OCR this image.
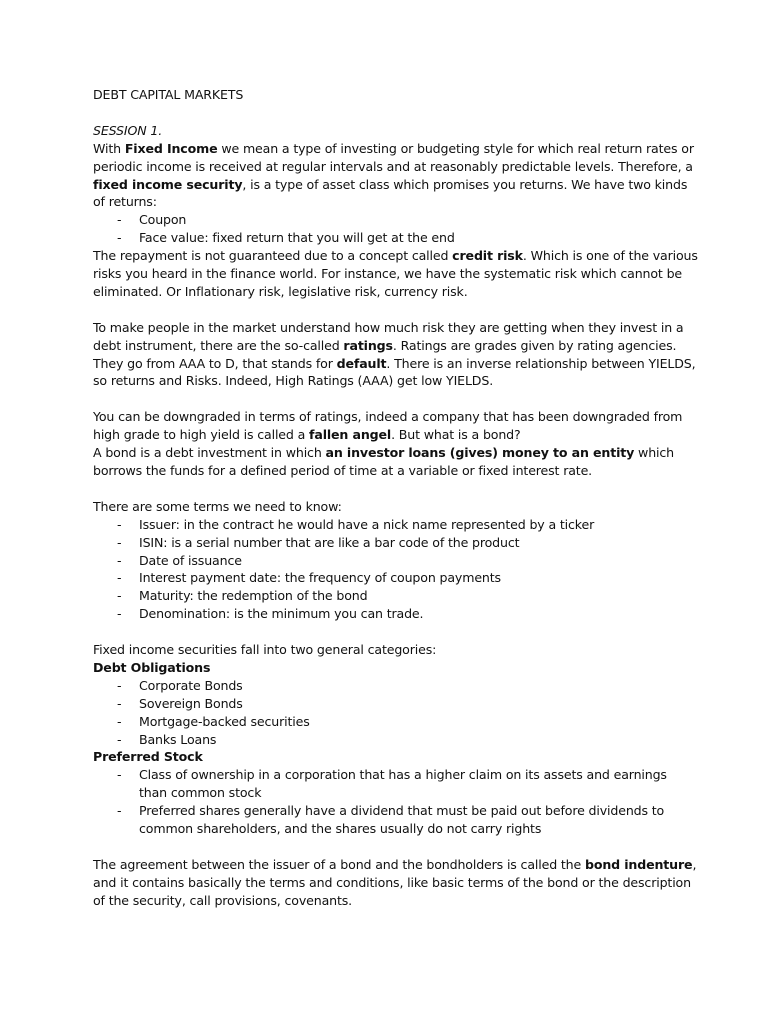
DEBT CAPITAL MARKETS

SESSION 1.

With Fixed Income we mean a type of investing or budgeting style for which real return rates or periodic income is received at regular intervals and at reasonably predictable levels. Therefore, a fixed income security, is a type of asset class which promises you returns. We have two kinds of returns:

- Coupon
- Face value: fixed return that you will get at the end

The repayment is not guaranteed due to a concept called credit risk. Which is one of the various risks you heard in the finance world. For instance, we have the systematic risk which cannot be eliminated. Or Inflationary risk, legislative risk, currency risk.

To make people in the market understand how much risk they are getting when they invest in a debt instrument, there are the so-called ratings. Ratings are grades given by rating agencies. They go from AAA to D, that stands for default. There is an inverse relationship between YIELDS, so returns and Risks. Indeed, High Ratings (AAA) get low YIELDS.

You can be downgraded in terms of ratings, indeed a company that has been downgraded from high grade to high yield is called a fallen angel. But what is a bond?

A bond is a debt investment in which an investor loans (gives) money to an entity which borrows the funds for a defined period of time at a variable or fixed interest rate.

There are some terms we need to know:

- Issuer: in the contract he would have a nick name represented by a ticker
- ISIN: is a serial number that are like a bar code of the product
- Date of issuance
- Interest payment date: the frequency of coupon payments
- Maturity: the redemption of the bond
- Denomination: is the minimum you can trade.

Fixed income securities fall into two general categories:

Debt Obligations

- Corporate Bonds
- Sovereign Bonds
- Mortgage-backed securities
- Banks Loans

Preferred Stock

- Class of ownership in a corporation that has a higher claim on its assets and earnings than common stock
- Preferred shares generally have a dividend that must be paid out before dividends to common shareholders, and the shares usually do not carry rights

The agreement between the issuer of a bond and the bondholders is called the bond indenture, and it contains basically the terms and conditions, like basic terms of the bond or the description of the security, call provisions, covenants.
